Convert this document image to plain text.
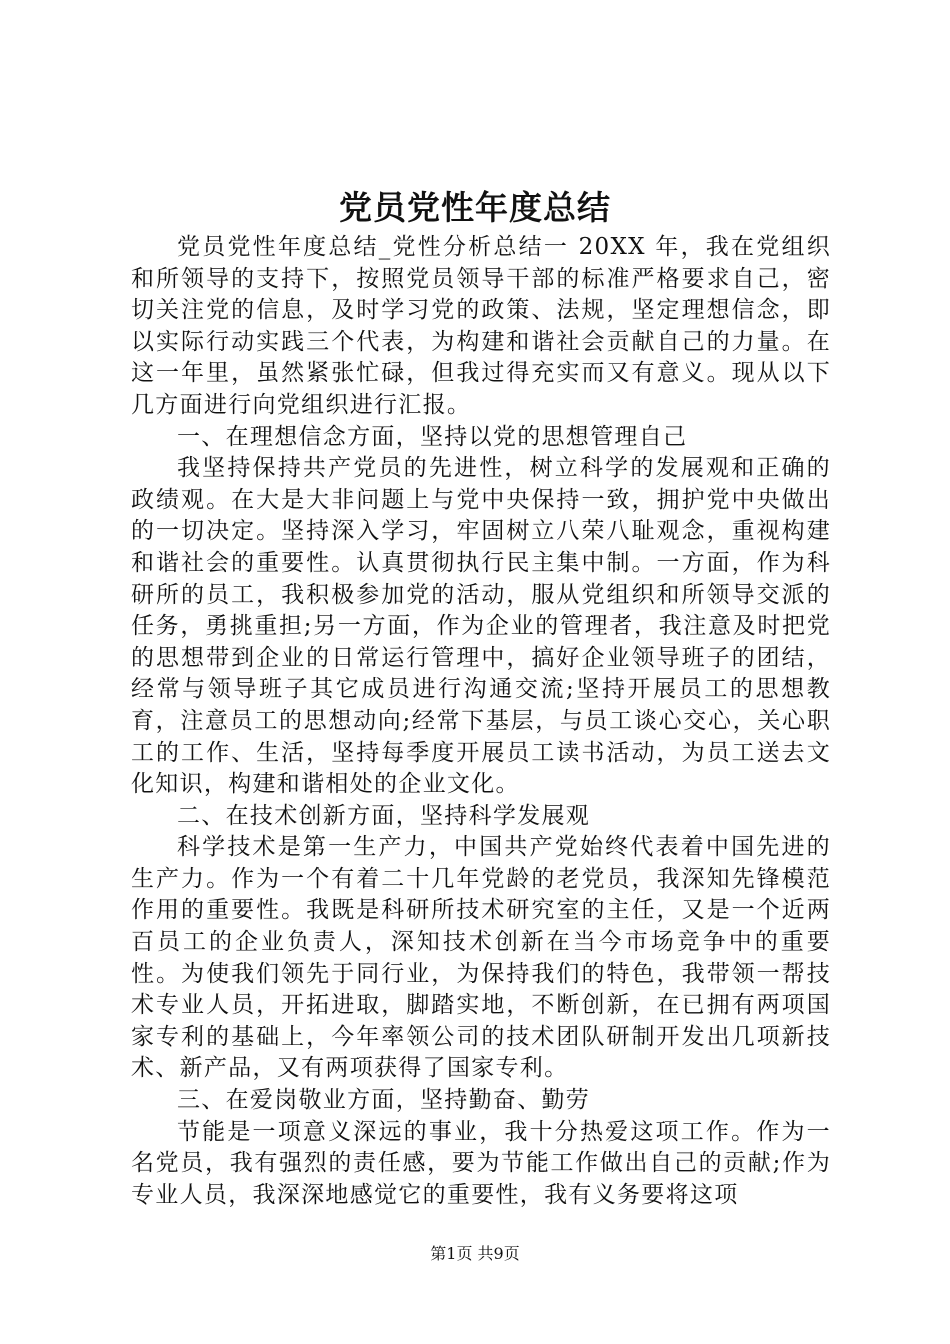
党员党性年度总结

党员党性年度总结_党性分析总结一 20XX 年，我在党组织和所领导的支持下，按照党员领导干部的标准严格要求自己，密切关注党的信息，及时学习党的政策、法规，坚定理想信念，即以实际行动实践三个代表，为构建和谐社会贡献自己的力量。在这一年里，虽然紧张忙碌，但我过得充实而又有意义。现从以下几方面进行向党组织进行汇报。

一、在理想信念方面，坚持以党的思想管理自己

我坚持保持共产党员的先进性，树立科学的发展观和正确的政绩观。在大是大非问题上与党中央保持一致，拥护党中央做出的一切决定。坚持深入学习，牢固树立八荣八耻观念，重视构建和谐社会的重要性。认真贯彻执行民主集中制。一方面，作为科研所的员工，我积极参加党的活动，服从党组织和所领导交派的任务，勇挑重担;另一方面，作为企业的管理者，我注意及时把党的思想带到企业的日常运行管理中，搞好企业领导班子的团结，经常与领导班子其它成员进行沟通交流;坚持开展员工的思想教育，注意员工的思想动向;经常下基层，与员工谈心交心，关心职工的工作、生活，坚持每季度开展员工读书活动，为员工送去文化知识，构建和谐相处的企业文化。

二、在技术创新方面，坚持科学发展观

科学技术是第一生产力，中国共产党始终代表着中国先进的生产力。作为一个有着二十几年党龄的老党员，我深知先锋模范作用的重要性。我既是科研所技术研究室的主任，又是一个近两百员工的企业负责人，深知技术创新在当今市场竞争中的重要性。为使我们领先于同行业，为保持我们的特色，我带领一帮技术专业人员，开拓进取，脚踏实地，不断创新，在已拥有两项国家专利的基础上，今年率领公司的技术团队研制开发出几项新技术、新产品，又有两项获得了国家专利。

三、在爱岗敬业方面，坚持勤奋、勤劳

节能是一项意义深远的事业，我十分热爱这项工作。作为一名党员，我有强烈的责任感，要为节能工作做出自己的贡献;作为专业人员，我深深地感觉它的重要性，我有义务要将这项

第1页 共9页
